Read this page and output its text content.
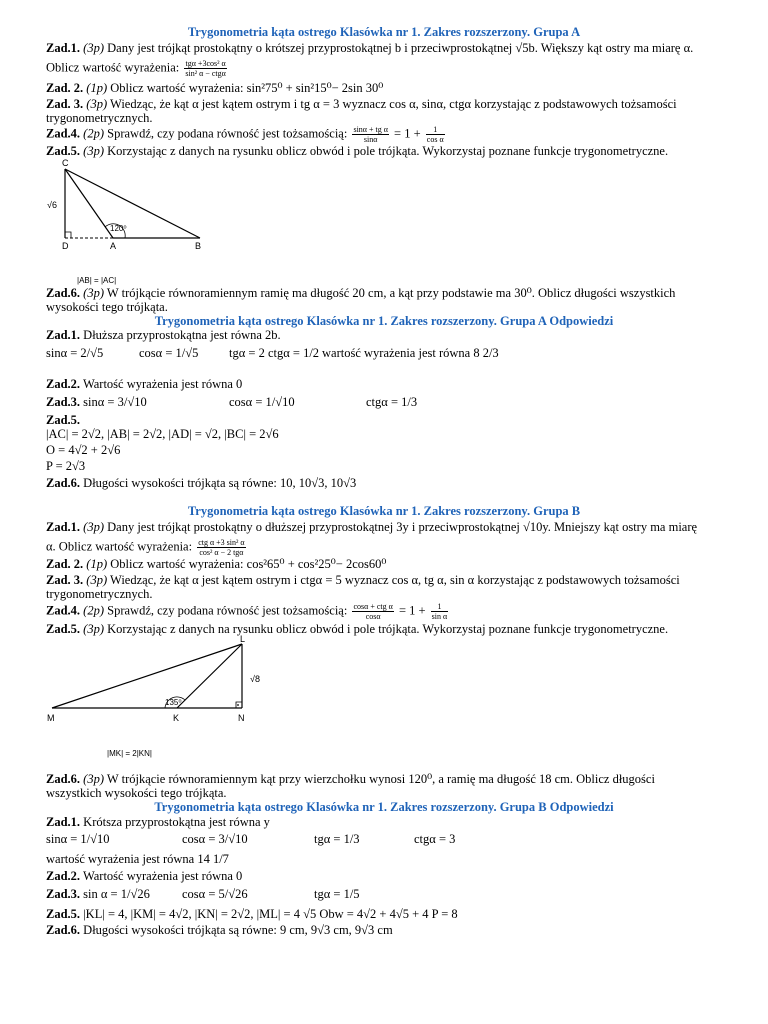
Trygonometria kąta ostrego Klasówka nr 1. Zakres rozszerzony. Grupa A
Zad.1. (3p) Dany jest trójkąt prostokątny o krótszej przyprostokątnej b i przeciwprostokątnej √5b. Większy kąt ostry ma miarę α.
Oblicz wartość wyrażenia: $\frac{\text{tgα +3cos² α}}{\text{sin² α − ctgα}}$
Zad. 2. (1p) Oblicz wartość wyrażenia: sin²75⁰ + sin²15⁰− 2sin 30⁰
Zad. 3. (3p) Wiedząc, że kąt α jest kątem ostrym i tg α = 3 wyznacz cos α, sinα, ctgα korzystając z podstawowych tożsamości
trygonometrycznych.
Zad.4. (2p) Sprawdź, czy podana równość jest tożsamością: $\frac{\text{sinα + tg α}}{\sin\alpha} = 1 + \frac{1}{\text{cos α}}$
Zad.5. (3p) Korzystając z danych na rysunku oblicz obwód i pole trójkąta. Wykorzystaj poznane funkcje trygonometryczne.
C
D	A	B
√6
120⁰
|AB| = |AC|
Zad.6. (3p) W trójkącie równoramiennym ramię ma długość 20 cm, a kąt przy podstawie ma 30⁰. Oblicz długości wszystkich
wysokości tego trójkąta.
Trygonometria kąta ostrego Klasówka nr 1. Zakres rozszerzony. Grupa A Odpowiedzi
Zad.1. Dłuższa przyprostokątna jest równa 2b.
sinα = 2/√5	cosα = 1/√5 tgα = 2 ctgα = 1/2 wartość wyrażenia jest równa 8 2/3
Zad.2. Wartość wyrażenia jest równa 0
Zad.3. sinα = 3/√10	cosα = 1/√10	ctgα = 1/3
Zad.5.
|AC| = 2√2, |AB| = 2√2, |AD| = √2, |BC| = 2√6
O = 4√2 + 2√6
P = 2√3
Zad.6. Długości wysokości trójkąta są równe: 10, 10√3, 10√3
Trygonometria kąta ostrego Klasówka nr 1. Zakres rozszerzony. Grupa B
Zad.1. (3p) Dany jest trójkąt prostokątny o dłuższej przyprostokątnej 3y i przeciwprostokątnej √10y. Mniejszy kąt ostry ma miarę
α. Oblicz wartość wyrażenia: $\frac{\text{ctg α +3 sin² α}}{\text{cos² α − 2 tgα}}$
Zad. 2. (1p) Oblicz wartość wyrażenia: cos²65⁰ + cos²25⁰− 2cos60⁰
Zad. 3. (3p) Wiedząc, że kąt α jest kątem ostrym i ctgα = 5 wyznacz cos α, tg α, sin α korzystając z podstawowych tożsamości
trygonometrycznych.
Zad.4. (2p) Sprawdź, czy podana równość jest tożsamością: $\frac{\text{cosα + ctg α}}{\cos\alpha} = 1 + \frac{1}{\text{sin α}}$
Zad.5. (3p) Korzystając z danych na rysunku oblicz obwód i pole trójkąta. Wykorzystaj poznane funkcje trygonometryczne.
L
M	K	N
√8
135⁰
|MK| = 2|KN|
Zad.6. (3p) W trójkącie równoramiennym kąt przy wierzchołku wynosi 120⁰, a ramię ma długość 18 cm. Oblicz długości
wszystkich wysokości tego trójkąta.
Trygonometria kąta ostrego Klasówka nr 1. Zakres rozszerzony. Grupa B Odpowiedzi
Zad.1. Krótsza przyprostokątna jest równa y
sinα = 1/√10	cosα = 3/√10	tgα = 1/3	ctgα = 3
wartość wyrażenia jest równa 14 1/7
Zad.2. Wartość wyrażenia jest równa 0
Zad.3. sin α = 1/√26	cosα = 5/√26	tgα = 1/5
Zad.5. |KL| = 4, |KM| = 4√2, |KN| = 2√2, |ML| = 4 √5 Obw = 4√2 + 4√5 + 4 P = 8
Zad.6. Długości wysokości trójkąta są równe: 9 cm, 9√3 cm, 9√3 cm
